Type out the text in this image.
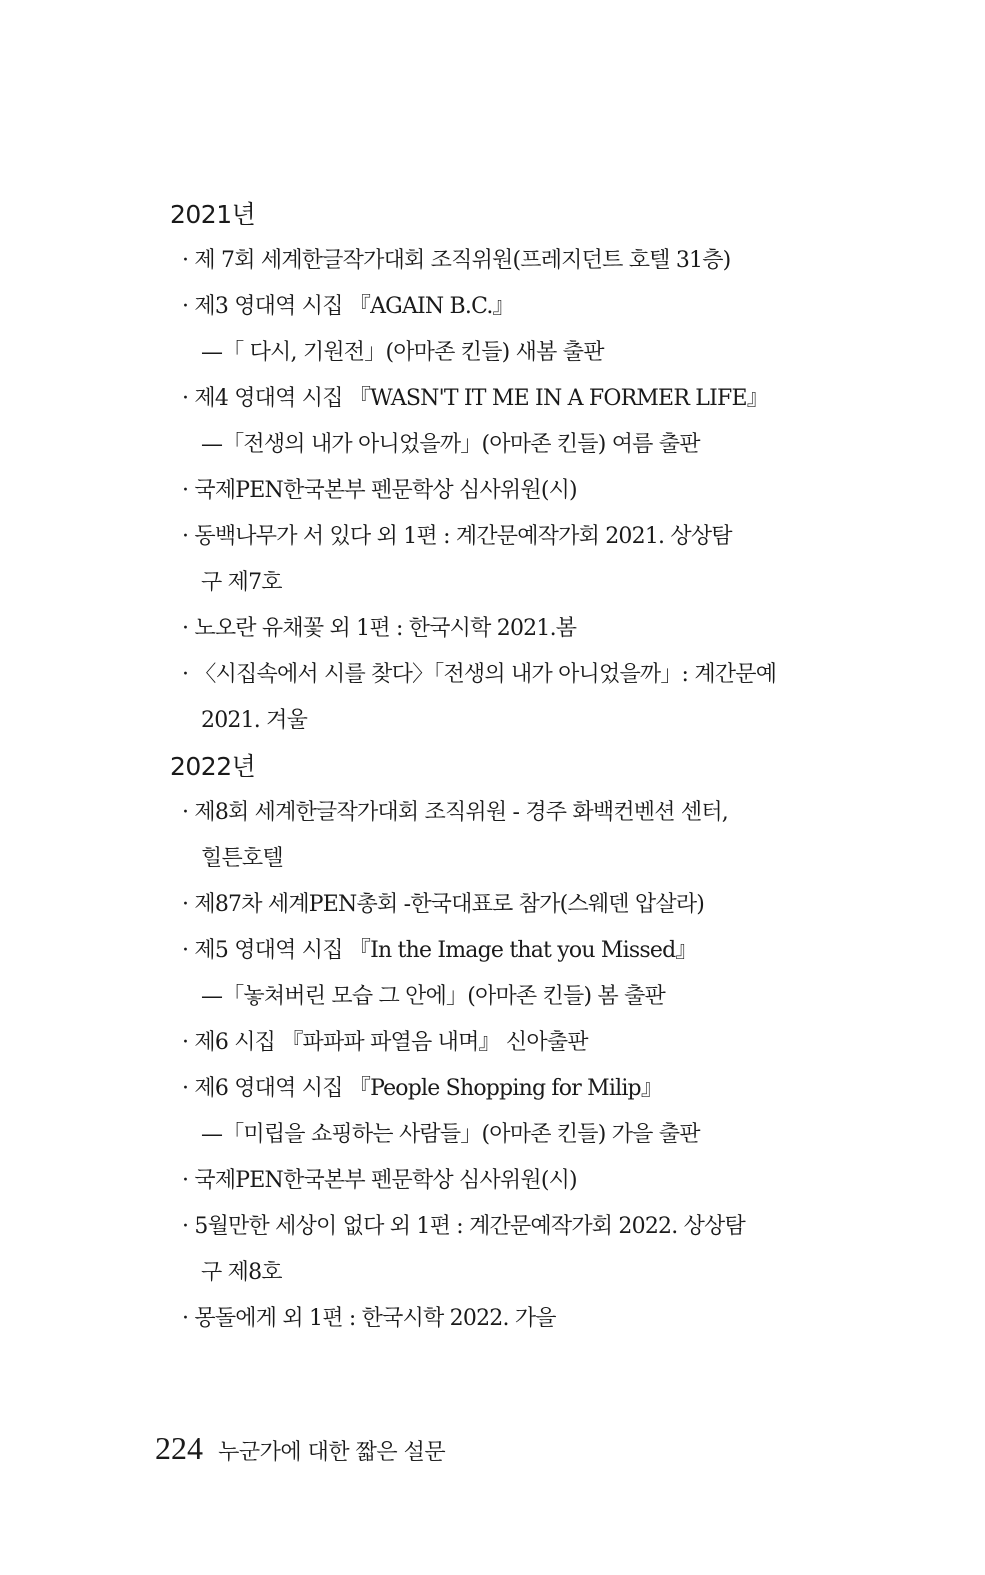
2021년
· 제 7회 세계한글작가대회 조직위원(프레지던트 호텔 31층)
· 제3 영대역 시집 『AGAIN B.C.』
—「 다시, 기원전」(아마존 킨들) 새봄 출판
· 제4 영대역 시집 『WASN'T IT ME IN A FORMER LIFE』
—「전생의 내가 아니었을까」(아마존 킨들) 여름 출판
· 국제PEN한국본부 펜문학상 심사위원(시)
· 동백나무가 서 있다 외 1편 : 계간문예작가회 2021. 상상탐
구 제7호
· 노오란 유채꽃 외 1편 : 한국시학 2021.봄
· 〈시집속에서 시를 찾다〉「전생의 내가 아니었을까」: 계간문예
2021. 겨울
2022년
· 제8회 세계한글작가대회 조직위원 - 경주 화백컨벤션 센터,
힐튼호텔
· 제87차 세계PEN총회 -한국대표로 참가(스웨덴 압살라)
· 제5 영대역 시집 『In the Image that you Missed』
—「놓쳐버린 모습 그 안에」(아마존 킨들) 봄 출판
· 제6 시집 『파파파 파열음 내며』 신아출판
· 제6 영대역 시집 『People Shopping for Milip』
—「미립을 쇼핑하는 사람들」(아마존 킨들) 가을 출판
· 국제PEN한국본부 펜문학상 심사위원(시)
· 5월만한 세상이 없다 외 1편 : 계간문예작가회 2022. 상상탐
구 제8호
· 몽돌에게 외 1편 : 한국시학 2022. 가을
224 누군가에 대한 짧은 설문
